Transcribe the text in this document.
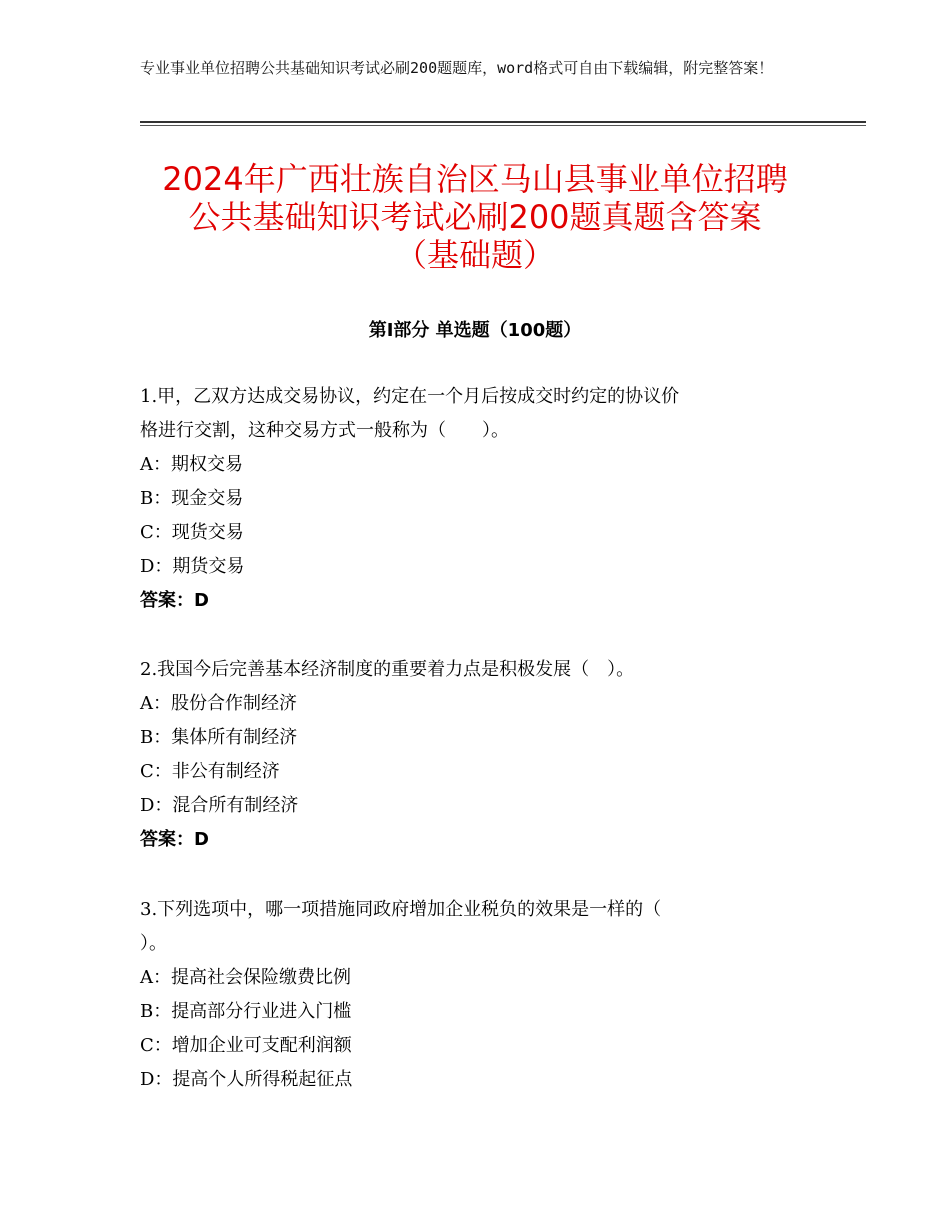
专业事业单位招聘公共基础知识考试必刷200题题库，word格式可自由下载编辑，附完整答案！
2024年广西壮族自治区马山县事业单位招聘
公共基础知识考试必刷200题真题含答案
（基础题）
第Ⅰ部分 单选题（100题）

1.甲，乙双方达成交易协议，约定在一个月后按成交时约定的协议价

格进行交割，这种交易方式一般称为（　　）。

A：期权交易

B：现金交易

C：现货交易

D：期货交易

答案：D

2.我国今后完善基本经济制度的重要着力点是积极发展（　）。

A：股份合作制经济

B：集体所有制经济

C：非公有制经济

D：混合所有制经济

答案：D

3.下列选项中，哪一项措施同政府增加企业税负的效果是一样的（

）。

A：提高社会保险缴费比例

B：提高部分行业进入门槛

C：增加企业可支配利润额

D：提高个人所得税起征点
